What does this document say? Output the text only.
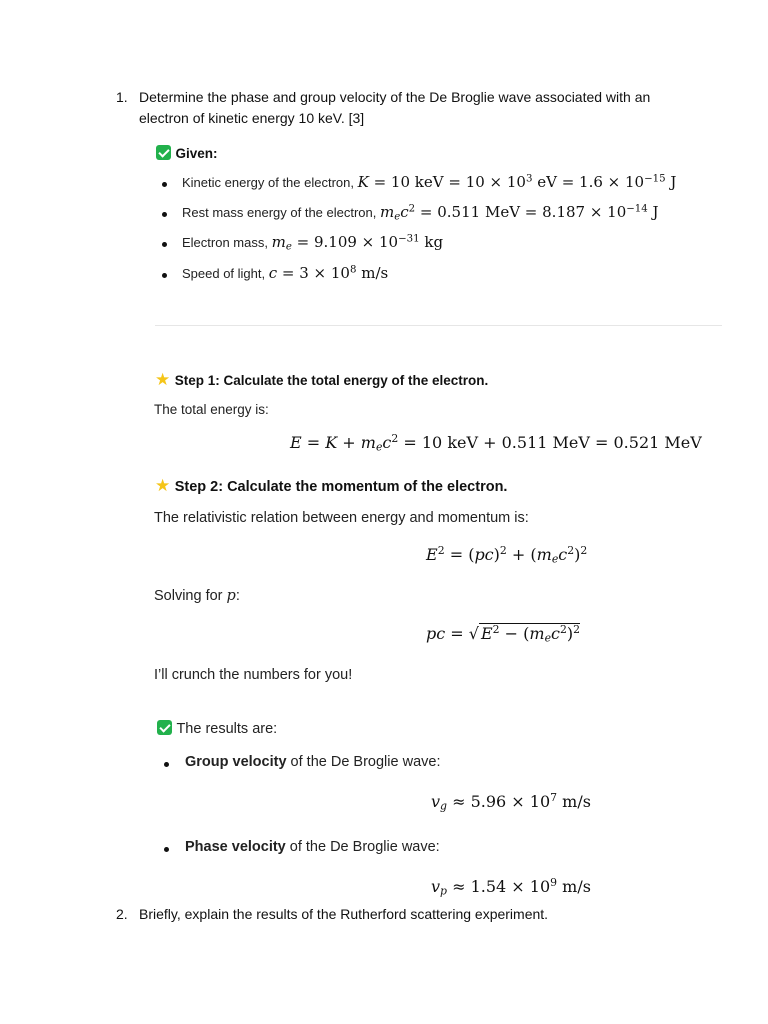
1. Determine the phase and group velocity of the De Broglie wave associated with an
electron of kinetic energy 10 keV. [3]
Given:
Kinetic energy of the electron, K = 10 keV = $10 \times 10^3$ eV = $1.6 \times 10^{-15}$ J
Rest mass energy of the electron, $m_ec^2 = 0.511$ MeV = $8.187 \times 10^{-14}$ J
Electron mass, $m_e = 9.109 \times 10^{-31}$ kg
Speed of light, $c = 3 \times 10^8$ m/s
★ Step 1: Calculate the total energy of the electron.
The total energy is:
$E = K + m_ec^2 = 10$ keV + 0.511 MeV = 0.521 MeV
★ Step 2: Calculate the momentum of the electron.
The relativistic relation between energy and momentum is:
$E^2 = (pc)^2 + (m_ec^2)^2$
Solving for p:
pc = √ $E^2 - (m_ec^2)^2$
I’ll crunch the numbers for you!
The results are:
Group velocity of the De Broglie wave:
$v_g \approx 5.96 \times 10^7$ m/s
Phase velocity of the De Broglie wave:
$v_p \approx 1.54 \times 10^9$ m/s
2. Briefly, explain the results of the Rutherford scattering experiment.
